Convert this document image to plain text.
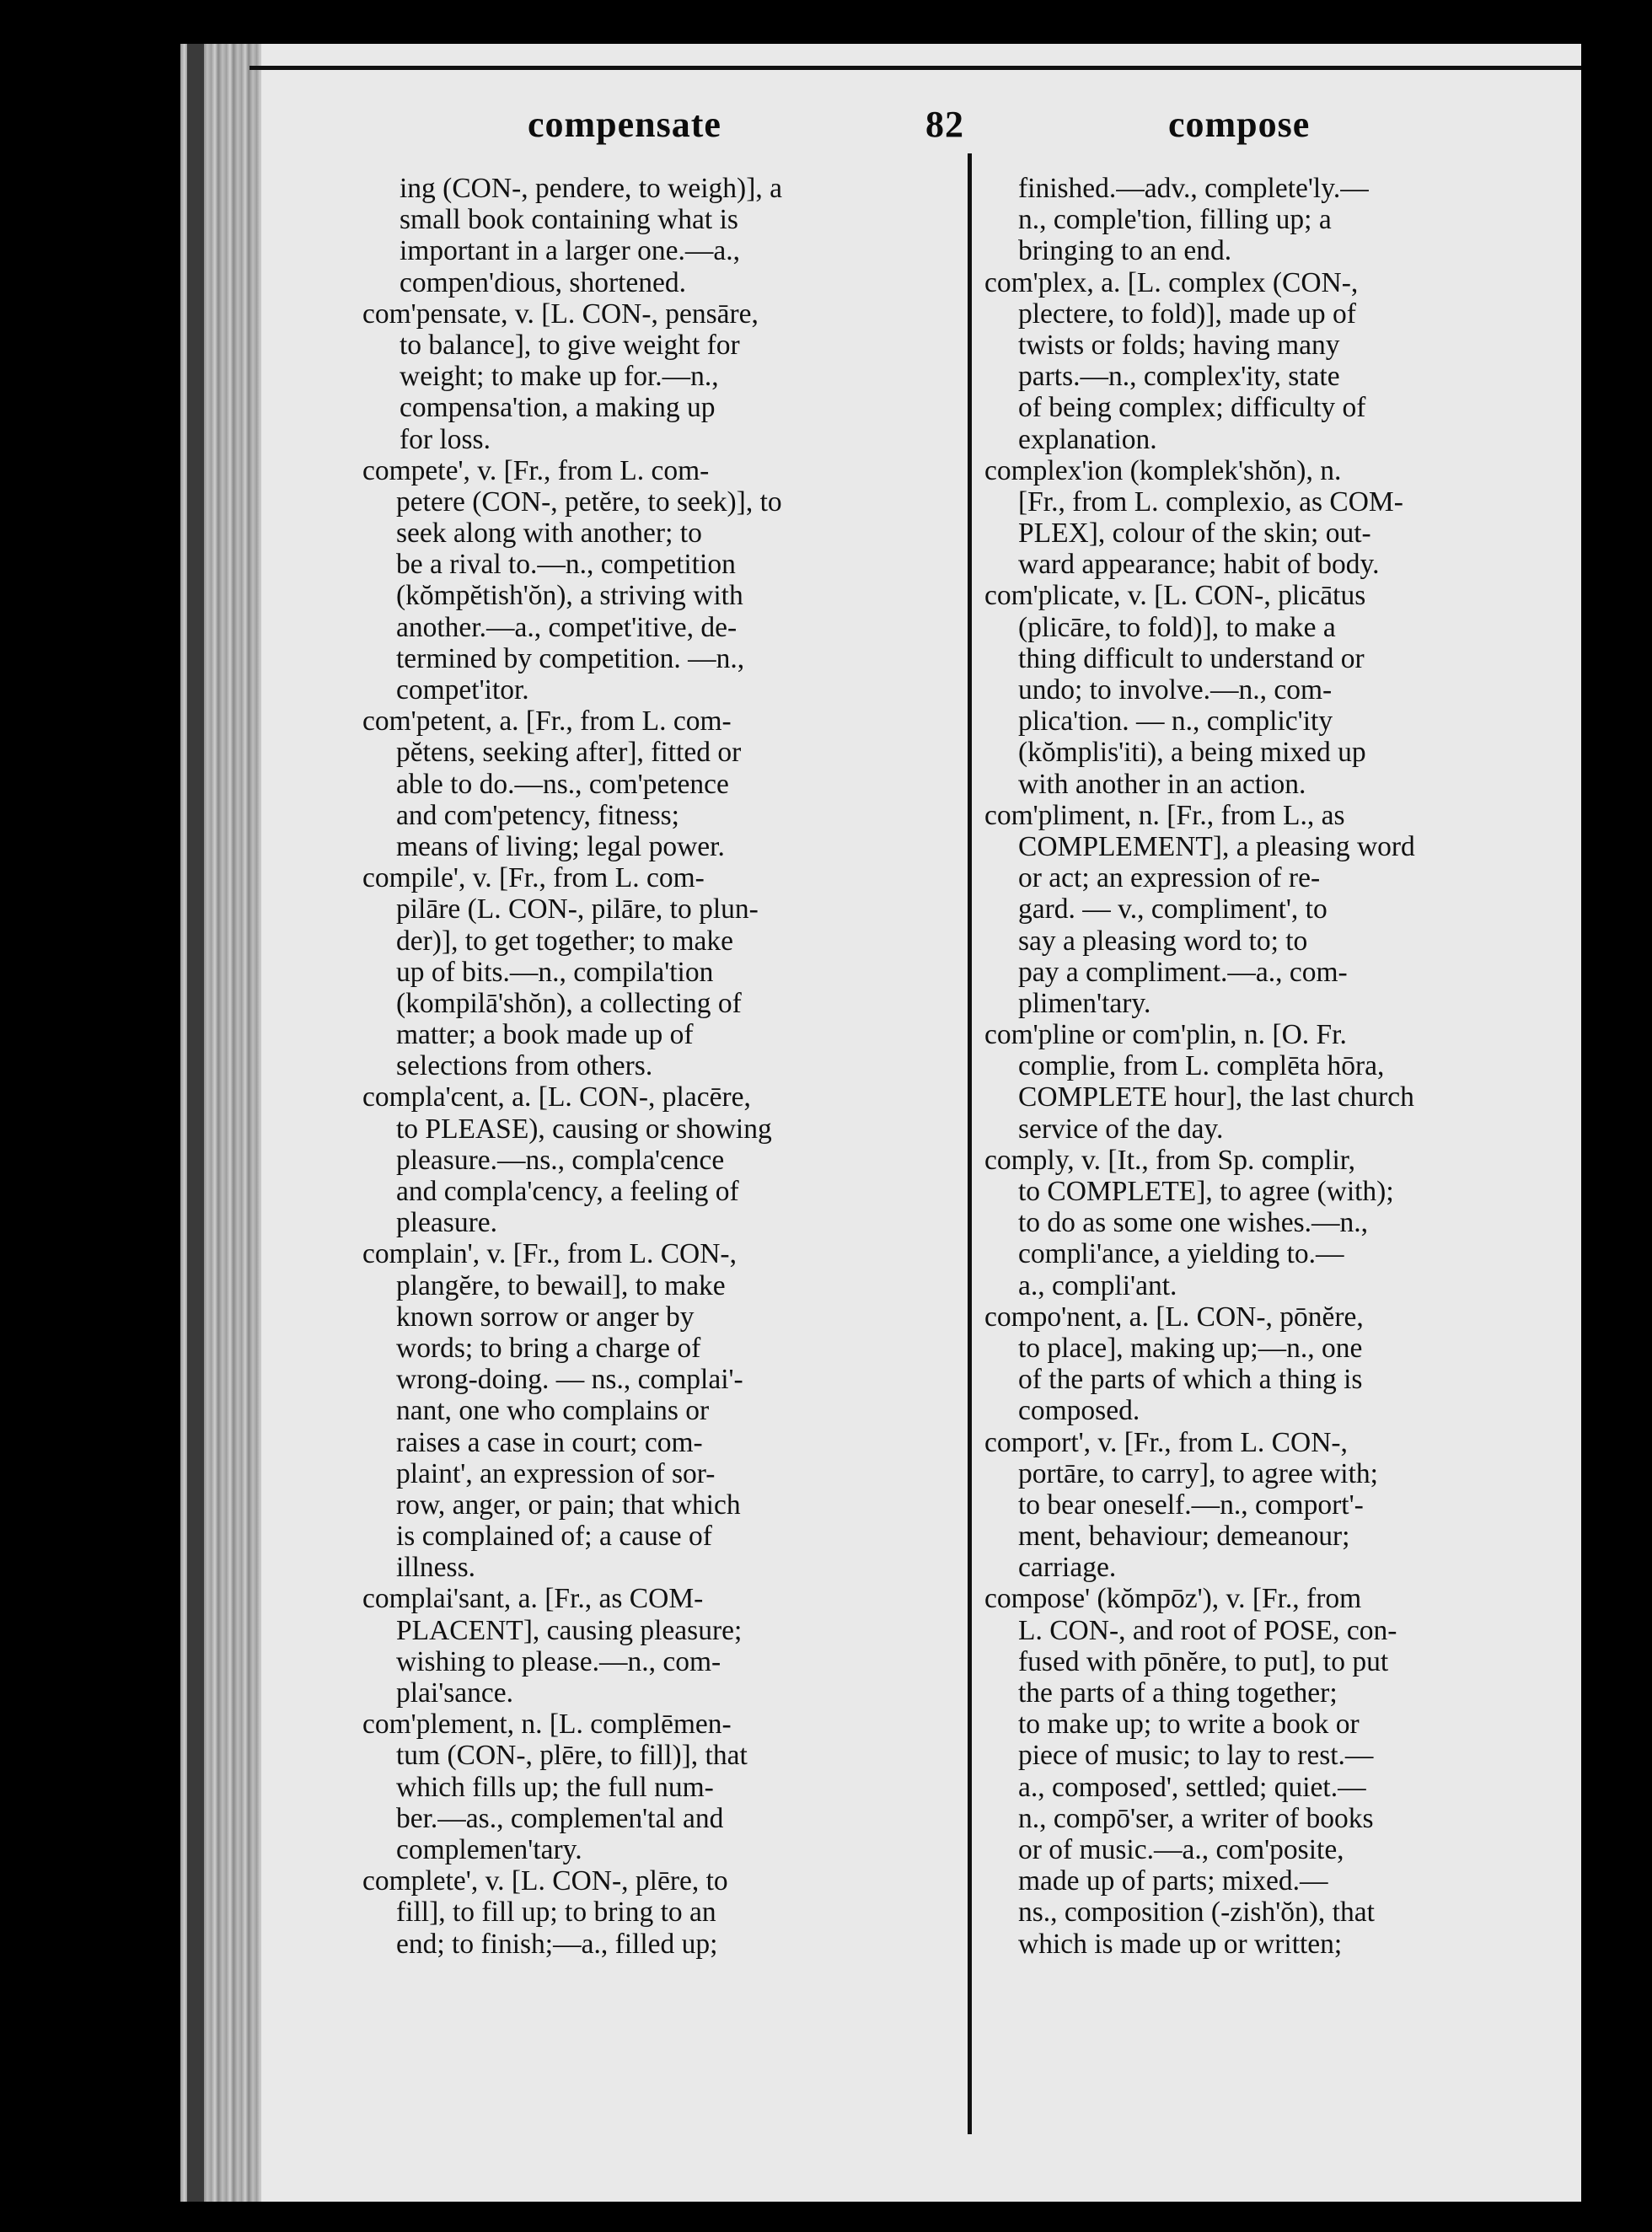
compensate	82	compose
ing (CON-, pendere, to weigh)], a
small book containing what is
important in a larger one.—a.,
compen'dious, shortened.
com'pensate, v. [L. CON-, pensāre,
to balance], to give weight for
weight; to make up for.—n.,
compensa'tion, a making up
for loss.
compete', v. [Fr., from L. com-
petere (CON-, petĕre, to seek)], to
seek along with another; to
be a rival to.—n., competition
(kŏmpĕtish'ŏn), a striving with
another.—a., compet'itive, de-
termined by competition. —n.,
compet'itor.
com'petent, a. [Fr., from L. com-
pĕtens, seeking after], fitted or
able to do.—ns., com'petence
and com'petency, fitness;
means of living; legal power.
compile', v. [Fr., from L. com-
pilāre (L. CON-, pilāre, to plun-
der)], to get together; to make
up of bits.—n., compila'tion
(kompilā'shŏn), a collecting of
matter; a book made up of
selections from others.
compla'cent, a. [L. CON-, placēre,
to PLEASE), causing or showing
pleasure.—ns., compla'cence
and compla'cency, a feeling of
pleasure.
complain', v. [Fr., from L. CON-,
plangĕre, to bewail], to make
known sorrow or anger by
words; to bring a charge of
wrong-doing. — ns., complai'-
nant, one who complains or
raises a case in court; com-
plaint', an expression of sor-
row, anger, or pain; that which
is complained of; a cause of
illness.
complai'sant, a. [Fr., as COM-
PLACENT], causing pleasure;
wishing to please.—n., com-
plai'sance.
com'plement, n. [L. complēmen-
tum (CON-, plēre, to fill)], that
which fills up; the full num-
ber.—as., complemen'tal and
complemen'tary.
complete', v. [L. CON-, plēre, to
fill], to fill up; to bring to an
end; to finish;—a., filled up;
finished.—adv., complete'ly.—
n., comple'tion, filling up; a
bringing to an end.
com'plex, a. [L. complex (CON-,
plectere, to fold)], made up of
twists or folds; having many
parts.—n., complex'ity, state
of being complex; difficulty of
explanation.
complex'ion (komplek'shŏn), n.
[Fr., from L. complexio, as COM-
PLEX], colour of the skin; out-
ward appearance; habit of body.
com'plicate, v. [L. CON-, plicātus
(plicāre, to fold)], to make a
thing difficult to understand or
undo; to involve.—n., com-
plica'tion. — n., complic'ity
(kŏmplis'iti), a being mixed up
with another in an action.
com'pliment, n. [Fr., from L., as
COMPLEMENT], a pleasing word
or act; an expression of re-
gard. — v., compliment', to
say a pleasing word to; to
pay a compliment.—a., com-
plimen'tary.
com'pline or com'plin, n. [O. Fr.
complie, from L. complēta hōra,
COMPLETE hour], the last church
service of the day.
comply, v. [It., from Sp. complir,
to COMPLETE], to agree (with);
to do as some one wishes.—n.,
compli'ance, a yielding to.—
a., compli'ant.
compo'nent, a. [L. CON-, pōnĕre,
to place], making up;—n., one
of the parts of which a thing is
composed.
comport', v. [Fr., from L. CON-,
portāre, to carry], to agree with;
to bear oneself.—n., comport'-
ment, behaviour; demeanour;
carriage.
compose' (kŏmpōz'), v. [Fr., from
L. CON-, and root of POSE, con-
fused with pōnĕre, to put], to put
the parts of a thing together;
to make up; to write a book or
piece of music; to lay to rest.—
a., composed', settled; quiet.—
n., compō'ser, a writer of books
or of music.—a., com'posite,
made up of parts; mixed.—
ns., composition (-zish'ŏn), that
which is made up or written;
